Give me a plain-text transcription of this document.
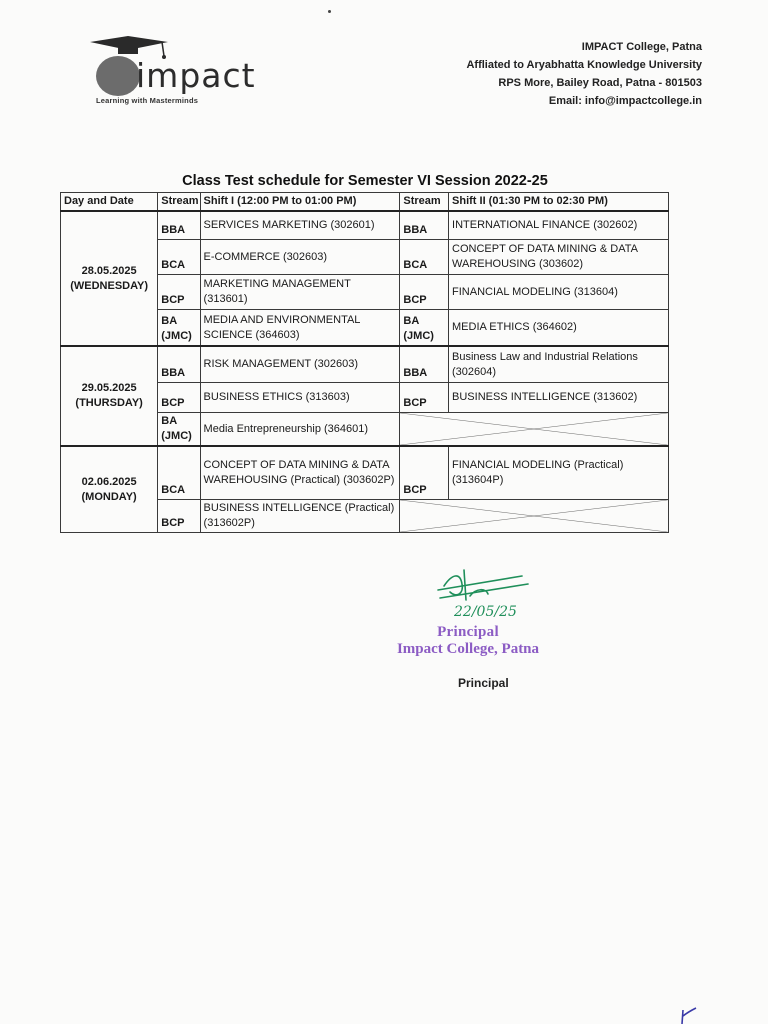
impact
Learning with Masterminds
IMPACT College, Patna
Affliated to Aryabhatta Knowledge University
RPS More, Bailey Road, Patna - 801503
Email: info@impactcollege.in
Class Test schedule for Semester VI Session 2022-25
Day and Date	Stream	Shift I (12:00 PM to 01:00 PM)	Stream	Shift II (01:30 PM to 02:30 PM)

28.05.2025
(WEDNESDAY)	BBA	SERVICES MARKETING (302601)	BBA	INTERNATIONAL FINANCE (302602)
	BCA	E-COMMERCE (302603)	BCA	CONCEPT OF DATA MINING & DATA WAREHOUSING (303602)
	BCP	MARKETING MANAGEMENT (313601)	BCP	FINANCIAL MODELING (313604)
	BA (JMC)	MEDIA AND ENVIRONMENTAL SCIENCE (364603)	BA (JMC)	MEDIA ETHICS (364602)

29.05.2025
(THURSDAY)	BBA	RISK MANAGEMENT (302603)	BBA	Business Law and Industrial Relations (302604)
	BCP	BUSINESS ETHICS (313603)	BCP	BUSINESS INTELLIGENCE (313602)
	BA (JMC)	Media Entrepreneurship (364601)	

02.06.2025
(MONDAY)	BCA	CONCEPT OF DATA MINING & DATA WAREHOUSING (Practical) (303602P)	BCP	FINANCIAL MODELING (Practical) (313604P)
	BCP	BUSINESS INTELLIGENCE (Practical)(313602P)	
22/05/25
Principal
Impact College, Patna
Principal
